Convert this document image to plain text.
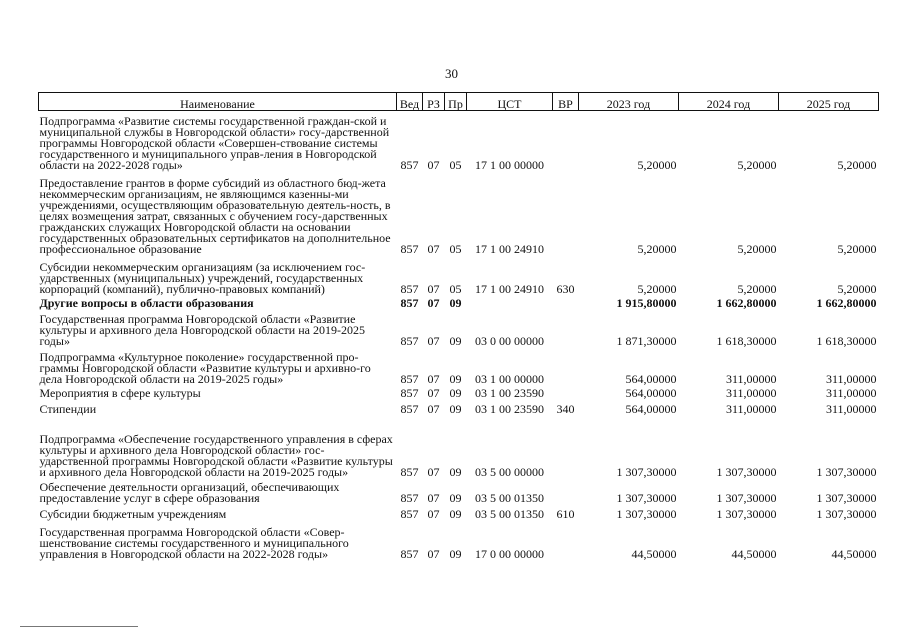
30
Наименование	Вед	РЗ	Пр	ЦСТ	ВР	2023 год	2024 год	2025 год
Подпрограмма «Развитие системы государственной граждан-ской и муниципальной службы в Новгородской области» госу-дарственной программы Новгородской области «Совершен-ствование системы государственного и муниципального управ-ления в Новгородской области на 2022-2028 годы»	857	07	05	17 1 00 00000		5,20000	5,20000	5,20000
Предоставление грантов в форме субсидий из областного бюд-жета некоммерческим организациям, не являющимся казенны-ми учреждениями, осуществляющим образовательную деятель-ность, в целях возмещения затрат, связанных с обучением госу-дарственных гражданских служащих Новгородской области на основании государственных образовательных сертификатов на дополнительное профессиональное образование	857	07	05	17 1 00 24910		5,20000	5,20000	5,20000
Субсидии некоммерческим организациям (за исключением гос-ударственных (муниципальных) учреждений, государственных корпораций (компаний), публично-правовых компаний)	857	07	05	17 1 00 24910	630	5,20000	5,20000	5,20000
Другие вопросы в области образования	857	07	09			1 915,80000	1 662,80000	1 662,80000
Государственная программа Новгородской области «Развитие культуры и архивного дела Новгородской области на 2019-2025 годы»	857	07	09	03 0 00 00000		1 871,30000	1 618,30000	1 618,30000
Подпрограмма «Культурное поколение» государственной про-граммы Новгородской области «Развитие культуры и архивно-го дела Новгородской области на 2019-2025 годы»	857	07	09	03 1 00 00000		564,00000	311,00000	311,00000
Мероприятия в сфере культуры	857	07	09	03 1 00 23590		564,00000	311,00000	311,00000
Стипендии	857	07	09	03 1 00 23590	340	564,00000	311,00000	311,00000
Подпрограмма «Обеспечение государственного управления в сферах культуры и архивного дела Новгородской области» гос-ударственной программы Новгородской области «Развитие культуры и архивного дела Новгородской области на 2019-2025 годы»	857	07	09	03 5 00 00000		1 307,30000	1 307,30000	1 307,30000
Обеспечение деятельности организаций, обеспечивающих предоставление услуг в сфере образования	857	07	09	03 5 00 01350		1 307,30000	1 307,30000	1 307,30000
Субсидии бюджетным учреждениям	857	07	09	03 5 00 01350	610	1 307,30000	1 307,30000	1 307,30000
Государственная программа Новгородской области «Совер-шенствование системы государственного и муниципального управления в Новгородской области на 2022-2028 годы»	857	07	09	17 0 00 00000		44,50000	44,50000	44,50000
